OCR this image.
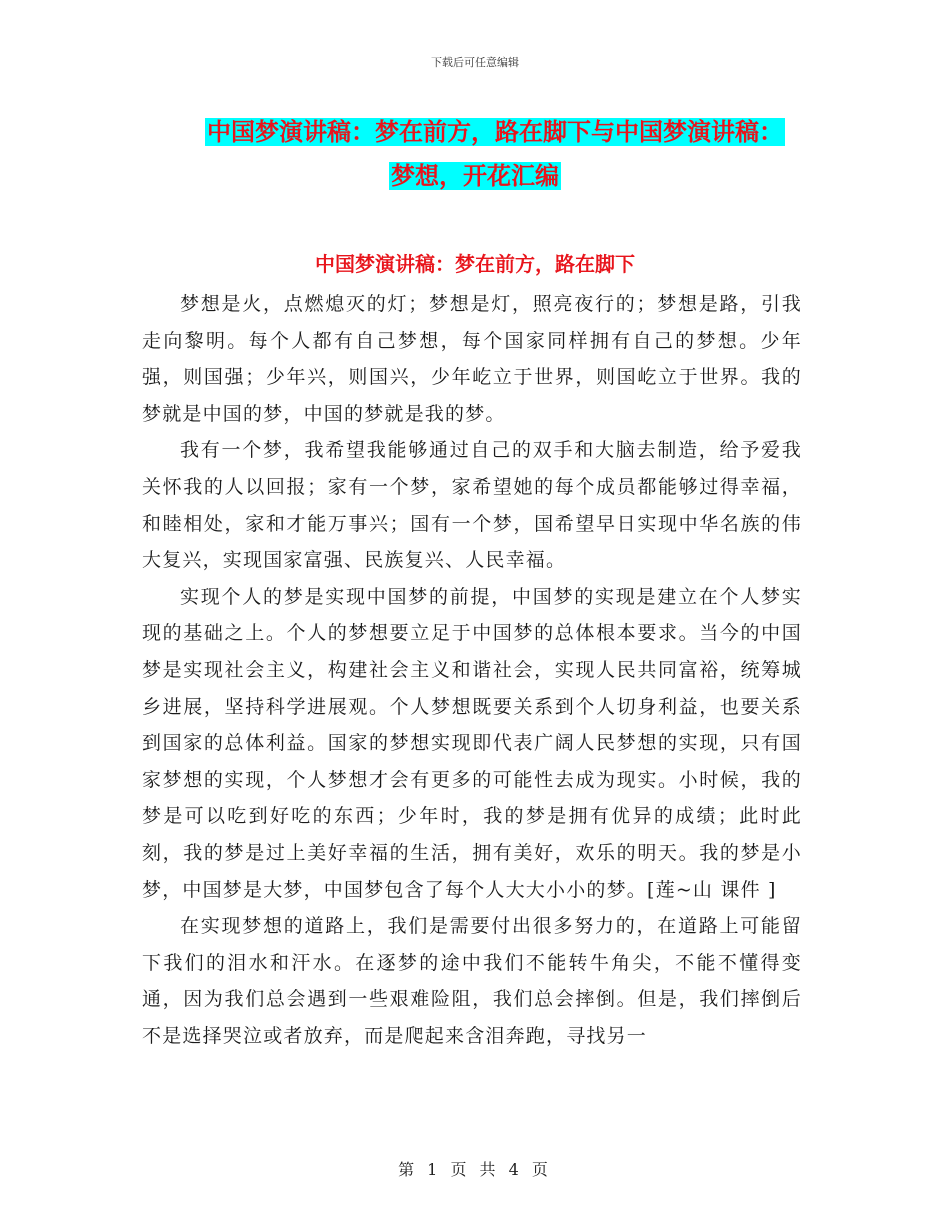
下载后可任意编辑
中国梦演讲稿：梦在前方，路在脚下与中国梦演讲稿：
梦想，开花汇编
中国梦演讲稿：梦在前方，路在脚下

梦想是火，点燃熄灭的灯；梦想是灯，照亮夜行的；梦想是路，引我走向黎明。每个人都有自己梦想，每个国家同样拥有自己的梦想。少年强，则国强；少年兴，则国兴，少年屹立于世界，则国屹立于世界。我的梦就是中国的梦，中国的梦就是我的梦。

我有一个梦，我希望我能够通过自己的双手和大脑去制造，给予爱我关怀我的人以回报；家有一个梦，家希望她的每个成员都能够过得幸福，和睦相处，家和才能万事兴；国有一个梦，国希望早日实现中华名族的伟大复兴，实现国家富强、民族复兴、人民幸福。

实现个人的梦是实现中国梦的前提，中国梦的实现是建立在个人梦实现的基础之上。个人的梦想要立足于中国梦的总体根本要求。当今的中国梦是实现社会主义，构建社会主义和谐社会，实现人民共同富裕，统筹城乡进展，坚持科学进展观。个人梦想既要关系到个人切身利益，也要关系到国家的总体利益。国家的梦想实现即代表广阔人民梦想的实现，只有国家梦想的实现，个人梦想才会有更多的可能性去成为现实。小时候，我的梦是可以吃到好吃的东西；少年时，我的梦是拥有优异的成绩；此时此刻，我的梦是过上美好幸福的生活，拥有美好，欢乐的明天。我的梦是小梦，中国梦是大梦，中国梦包含了每个人大大小小的梦。[莲~山 课件 ]

在实现梦想的道路上，我们是需要付出很多努力的，在道路上可能留下我们的泪水和汗水。在逐梦的途中我们不能转牛角尖，不能不懂得变通，因为我们总会遇到一些艰难险阻，我们总会摔倒。但是，我们摔倒后不是选择哭泣或者放弃，而是爬起来含泪奔跑，寻找另一

第 1 页 共 4 页
